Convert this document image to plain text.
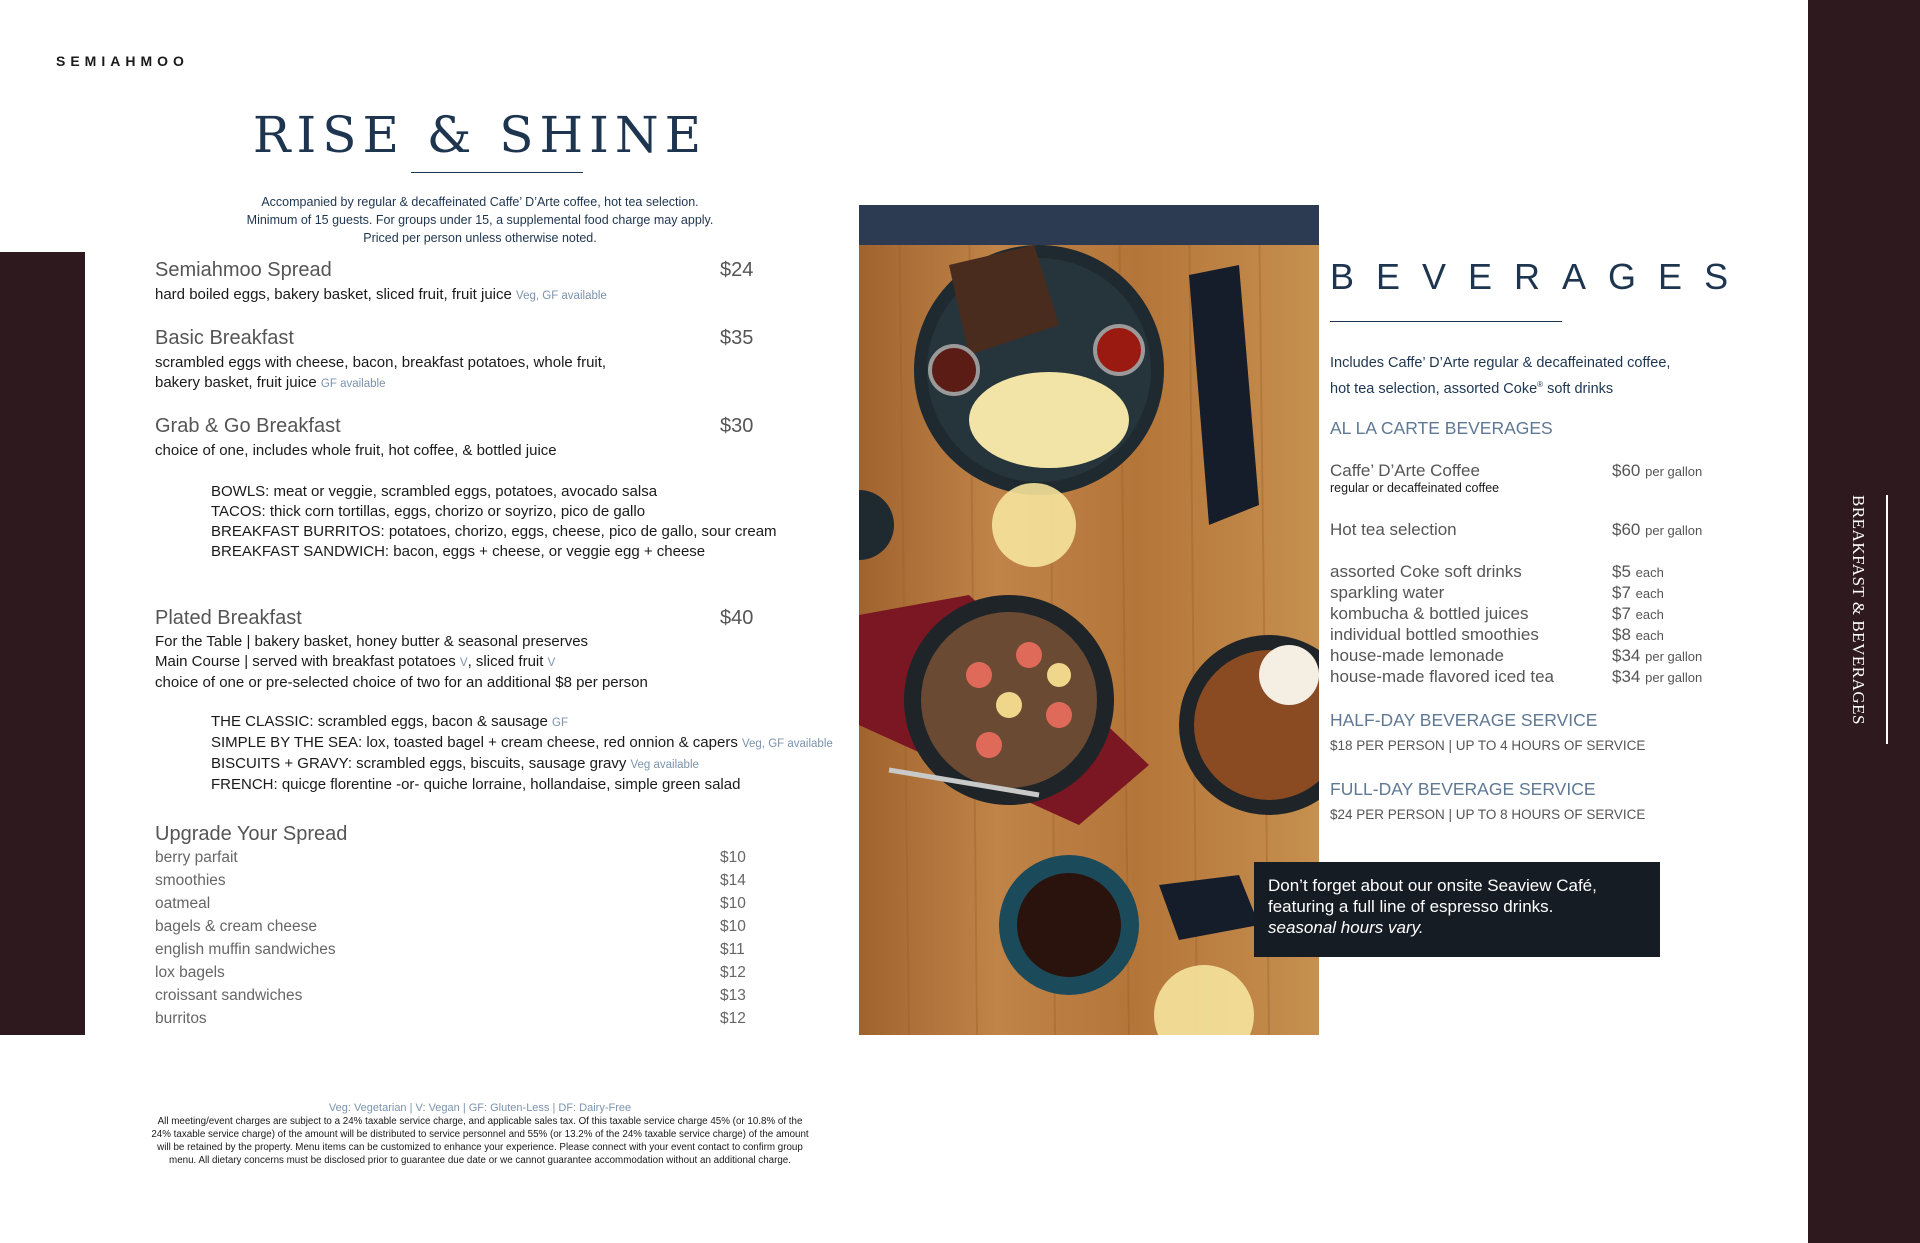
SEMIAHMOO
BREAKFAST & BEVERAGES
RISE & SHINE
Accompanied by regular & decaffeinated Caffe’ D’Arte coffee, hot tea selection.
Minimum of 15 guests. For groups under 15, a supplemental food charge may apply.
Priced per person unless otherwise noted.
Semiahmoo Spread	$24
hard boiled eggs, bakery basket, sliced fruit, fruit juice Veg, GF available
Basic Breakfast	$35
scrambled eggs with cheese, bacon, breakfast potatoes, whole fruit,
bakery basket, fruit juice GF available
Grab & Go Breakfast	$30
choice of one, includes whole fruit, hot coffee, & bottled juice
BOWLS: meat or veggie, scrambled eggs, potatoes, avocado salsa
TACOS: thick corn tortillas, eggs, chorizo or soyrizo, pico de gallo
BREAKFAST BURRITOS: potatoes, chorizo, eggs, cheese, pico de gallo, sour cream
BREAKFAST SANDWICH: bacon, eggs + cheese, or veggie egg + cheese
Plated Breakfast	$40
For the Table | bakery basket, honey butter & seasonal preserves
Main Course | served with breakfast potatoes V, sliced fruit V
choice of one or pre-selected choice of two for an additional $8 per person
THE CLASSIC: scrambled eggs, bacon & sausage GF
SIMPLE BY THE SEA: lox, toasted bagel + cream cheese, red onnion & capers Veg, GF available
BISCUITS + GRAVY: scrambled eggs, biscuits, sausage gravy Veg available
FRENCH: quicge florentine -or- quiche lorraine, hollandaise, simple green salad
Upgrade Your Spread
berry parfait	$10
smoothies	$14
oatmeal	$10
bagels & cream cheese	$10
english muffin sandwiches	$11
lox bagels	$12
croissant sandwiches	$13
burritos	$12
BEVERAGES
Includes Caffe’ D’Arte regular & decaffeinated coffee,
hot tea selection, assorted Coke® soft drinks
AL LA CARTE BEVERAGES
Caffe’ D’Arte Coffee	$60 per gallon
regular or decaffeinated coffee
Hot tea selection	$60 per gallon
assorted Coke soft drinks	$5 each
sparkling water	$7 each
kombucha & bottled juices	$7 each
individual bottled smoothies	$8 each
house-made lemonade	$34 per gallon
house-made flavored iced tea	$34 per gallon
HALF-DAY BEVERAGE SERVICE
$18 PER PERSON | UP TO 4 HOURS OF SERVICE
FULL-DAY BEVERAGE SERVICE
$24 PER PERSON | UP TO 8 HOURS OF SERVICE
Don’t forget about our onsite Seaview Café,
featuring a full line of espresso drinks.
seasonal hours vary.
Veg: Vegetarian | V: Vegan | GF: Gluten-Less | DF: Dairy-Free
All meeting/event charges are subject to a 24% taxable service charge, and applicable sales tax. Of this taxable service charge 45% (or 10.8% of the
24% taxable service charge) of the amount will be distributed to service personnel and 55% (or 13.2% of the 24% taxable service charge) of the amount
will be retained by the property. Menu items can be customized to enhance your experience. Please connect with your event contact to confirm group
menu. All dietary concerns must be disclosed prior to guarantee due date or we cannot guarantee accommodation without an additional charge.
